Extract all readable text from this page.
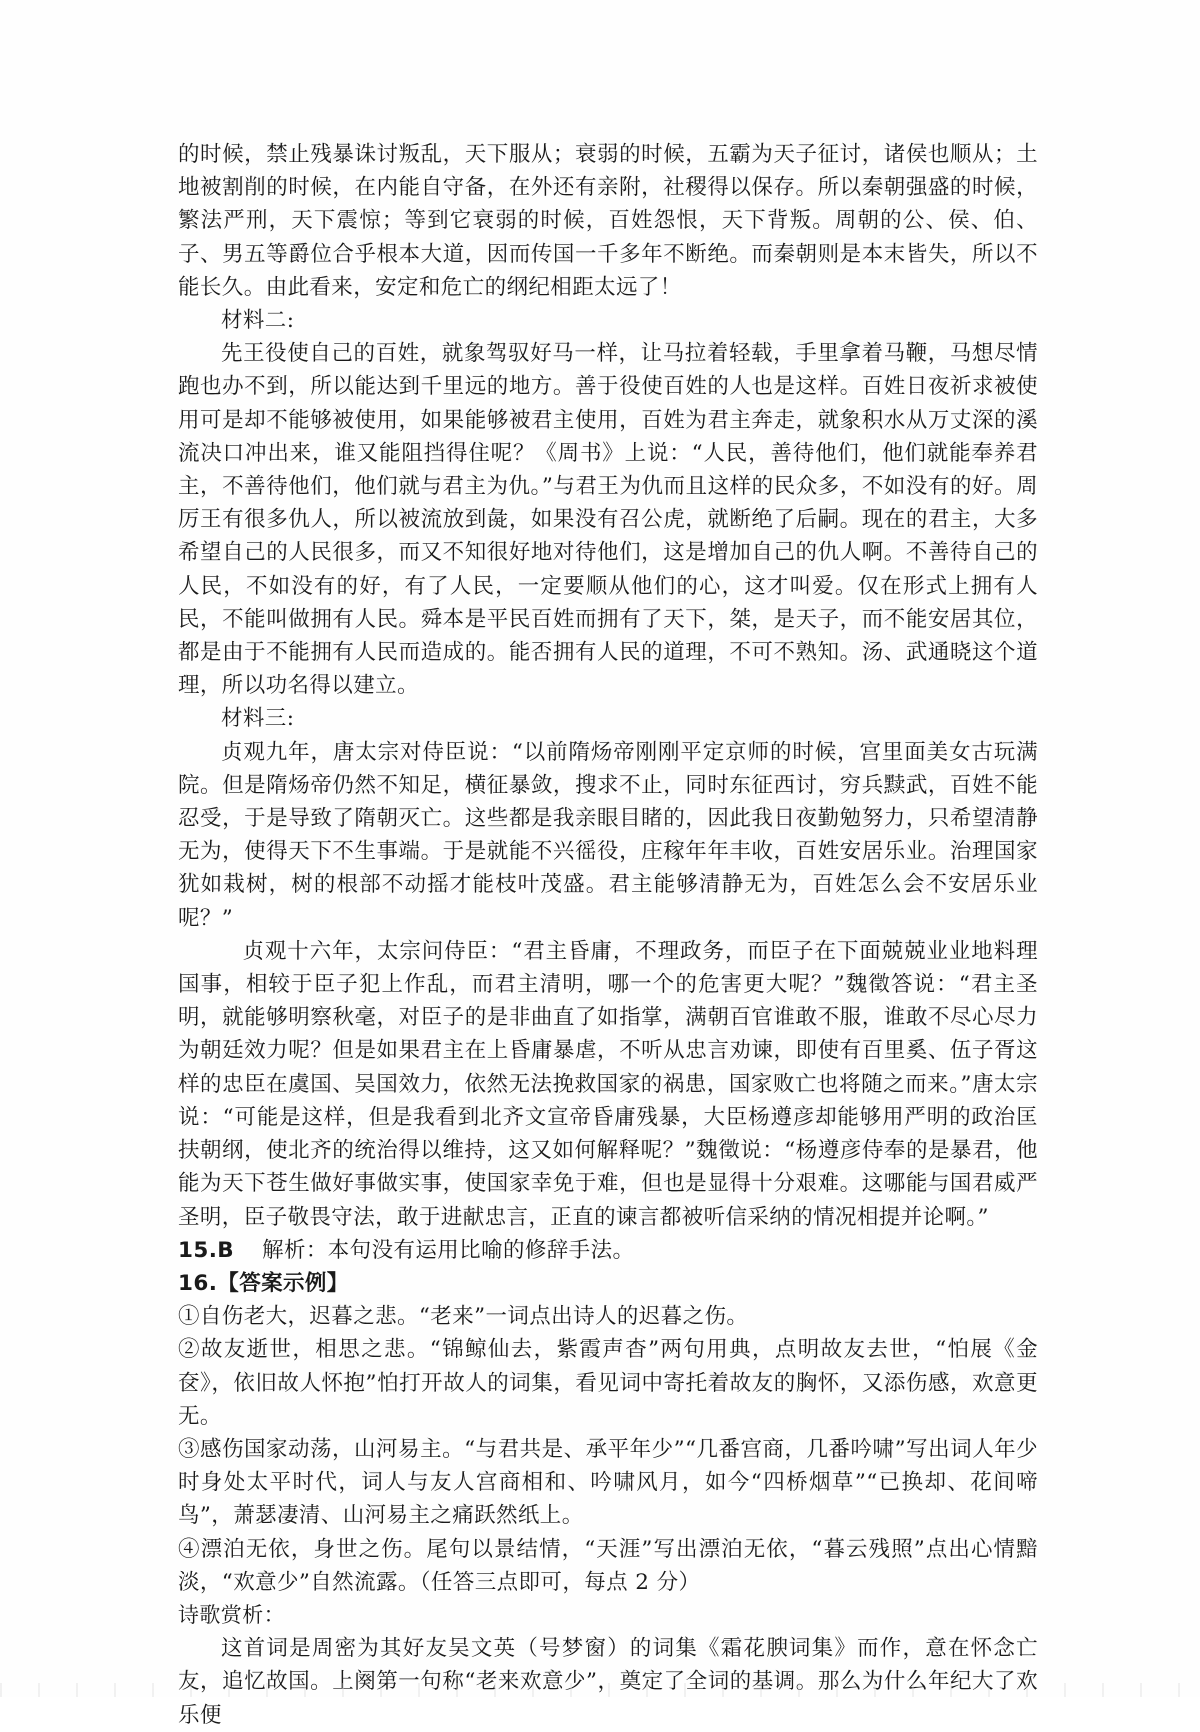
的时候，禁止残暴诛讨叛乱，天下服从；衰弱的时候，五霸为天子征讨，诸侯也顺从；土地被割削的时候，在内能自守备，在外还有亲附，社稷得以保存。所以秦朝强盛的时候，繁法严刑，天下震惊；等到它衰弱的时候，百姓怨恨，天下背叛。周朝的公、侯、伯、子、男五等爵位合乎根本大道，因而传国一千多年不断绝。而秦朝则是本末皆失，所以不能长久。由此看来，安定和危亡的纲纪相距太远了！

材料二:

先王役使自己的百姓，就象驾驭好马一样，让马拉着轻载，手里拿着马鞭，马想尽情跑也办不到，所以能达到千里远的地方。善于役使百姓的人也是这样。百姓日夜祈求被使用可是却不能够被使用，如果能够被君主使用，百姓为君主奔走，就象积水从万丈深的溪流决口冲出来，谁又能阻挡得住呢？《周书》上说：“人民，善待他们，他们就能奉养君主，不善待他们，他们就与君主为仇。”与君王为仇而且这样的民众多，不如没有的好。周厉王有很多仇人，所以被流放到彘，如果没有召公虎，就断绝了后嗣。现在的君主，大多希望自己的人民很多，而又不知很好地对待他们，这是增加自己的仇人啊。不善待自己的人民，不如没有的好，有了人民，一定要顺从他们的心，这才叫爱。仅在形式上拥有人民，不能叫做拥有人民。舜本是平民百姓而拥有了天下，桀，是天子，而不能安居其位，都是由于不能拥有人民而造成的。能否拥有人民的道理，不可不熟知。汤、武通晓这个道理，所以功名得以建立。

材料三:

贞观九年，唐太宗对侍臣说：“以前隋炀帝刚刚平定京师的时候，宫里面美女古玩满院。但是隋炀帝仍然不知足，横征暴敛，搜求不止，同时东征西讨，穷兵黩武，百姓不能忍受，于是导致了隋朝灭亡。这些都是我亲眼目睹的，因此我日夜勤勉努力，只希望清静无为，使得天下不生事端。于是就能不兴徭役，庄稼年年丰收，百姓安居乐业。治理国家犹如栽树，树的根部不动摇才能枝叶茂盛。君主能够清静无为，百姓怎么会不安居乐业呢？”

贞观十六年，太宗问侍臣：“君主昏庸，不理政务，而臣子在下面兢兢业业地料理国事，相较于臣子犯上作乱，而君主清明，哪一个的危害更大呢？”魏徵答说：“君主圣明，就能够明察秋毫，对臣子的是非曲直了如指掌，满朝百官谁敢不服，谁敢不尽心尽力为朝廷效力呢？但是如果君主在上昏庸暴虐，不听从忠言劝谏，即使有百里奚、伍子胥这样的忠臣在虞国、吴国效力，依然无法挽救国家的祸患，国家败亡也将随之而来。”唐太宗说：“可能是这样，但是我看到北齐文宣帝昏庸残暴，大臣杨遵彦却能够用严明的政治匡扶朝纲，使北齐的统治得以维持，这又如何解释呢？”魏徵说：“杨遵彦侍奉的是暴君，他能为天下苍生做好事做实事，使国家幸免于难，但也是显得十分艰难。这哪能与国君威严圣明，臣子敬畏守法，敢于进献忠言，正直的谏言都被听信采纳的情况相提并论啊。”

15.B 解析：本句没有运用比喻的修辞手法。

16.【答案示例】

①自伤老大，迟暮之悲。“老来”一词点出诗人的迟暮之伤。

②故友逝世，相思之悲。“锦鲸仙去，紫霞声杳”两句用典，点明故友去世，“怕展《金奁》，依旧故人怀抱”怕打开故人的词集，看见词中寄托着故友的胸怀，又添伤感，欢意更无。

③感伤国家动荡，山河易主。“与君共是、承平年少”“几番宫商，几番吟啸”写出词人年少时身处太平时代，词人与友人宫商相和、吟啸风月，如今“四桥烟草”“已换却、花间啼鸟”，萧瑟凄清、山河易主之痛跃然纸上。

④漂泊无依，身世之伤。尾句以景结情，“天涯”写出漂泊无依，“暮云残照”点出心情黯淡，“欢意少”自然流露。（任答三点即可，每点 2 分）

诗歌赏析：

这首词是周密为其好友吴文英（号梦窗）的词集《霜花腴词集》而作，意在怀念亡友，追忆故国。上阕第一句称“老来欢意少”，奠定了全词的基调。那么为什么年纪大了欢乐便
